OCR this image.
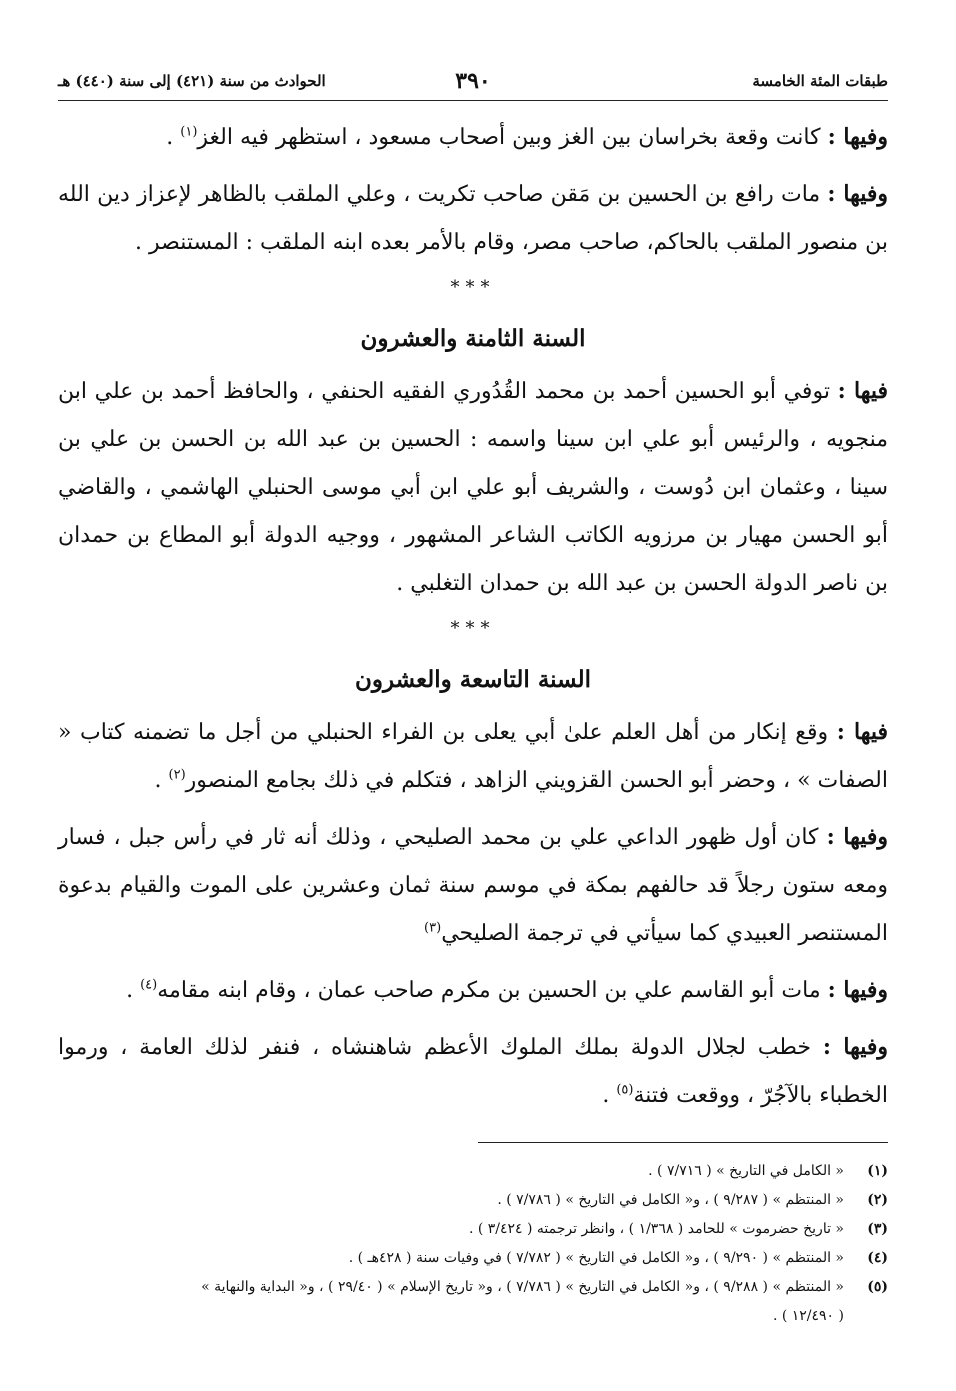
طبقات المئة الخامسة
٣٩٠
الحوادث من سنة (٤٢١) إلى سنة (٤٤٠) هـ

وفيها : كانت وقعة بخراسان بين الغز وبين أصحاب مسعود ، استظهر فيه الغز$^{(١)}$ .

وفيها : مات رافع بن الحسين بن مَقن صاحب تكريت ، وعلي الملقب بالظاهر لإعزاز دين الله بن منصور الملقب بالحاكم، صاحب مصر، وقام بالأمر بعده ابنه الملقب : المستنصر .

***
السنة الثامنة والعشرون

فيها : توفي أبو الحسين أحمد بن محمد القُدُوري الفقيه الحنفي ، والحافظ أحمد بن علي ابن منجويه ، والرئيس أبو علي ابن سينا واسمه : الحسين بن عبد الله بن الحسن بن علي بن سينا ، وعثمان ابن دُوست ، والشريف أبو علي ابن أبي موسى الحنبلي الهاشمي ، والقاضي أبو الحسن مهيار بن مرزويه الكاتب الشاعر المشهور ، ووجيه الدولة أبو المطاع بن حمدان بن ناصر الدولة الحسن بن عبد الله بن حمدان التغلبي .

***
السنة التاسعة والعشرون

فيها : وقع إنكار من أهل العلم علىٰ أبي يعلى بن الفراء الحنبلي من أجل ما تضمنه كتاب « الصفات » ، وحضر أبو الحسن القزويني الزاهد ، فتكلم في ذلك بجامع المنصور$^{(٢)}$ .

وفيها : كان أول ظهور الداعي علي بن محمد الصليحي ، وذلك أنه ثار في رأس جبل ، فسار ومعه ستون رجلاً قد حالفهم بمكة في موسم سنة ثمان وعشرين على الموت والقيام بدعوة المستنصر العبيدي كما سيأتي في ترجمة الصليحي$^{(٣)}$

وفيها : مات أبو القاسم علي بن الحسين بن مكرم صاحب عمان ، وقام ابنه مقامه$^{(٤)}$ .

وفيها : خطب لجلال الدولة بملك الملوك الأعظم شاهنشاه ، فنفر لذلك العامة ، ورموا الخطباء بالآجُرّ ، ووقعت فتنة$^{(٥)}$ .

(١)
« الكامل في التاريخ » ( ٧/٧١٦ ) .
(٢)
« المنتظم » ( ٩/٢٨٧ ) ، و« الكامل في التاريخ » ( ٧/٧٨٦ ) .
(٣)
« تاريخ حضرموت » للحامد ( ١/٣٦٨ ) ، وانظر ترجمته ( ٣/٤٢٤ ) .
(٤)
« المنتظم » ( ٩/٢٩٠ ) ، و« الكامل في التاريخ » ( ٧/٧٨٢ ) في وفيات سنة ( ٤٢٨هـ ) .
(٥)
« المنتظم » ( ٩/٢٨٨ ) ، و« الكامل في التاريخ » ( ٧/٧٨٦ ) ، و« تاريخ الإسلام » ( ٢٩/٤٠ ) ، و« البداية والنهاية »
( ١٢/٤٩٠ ) .
